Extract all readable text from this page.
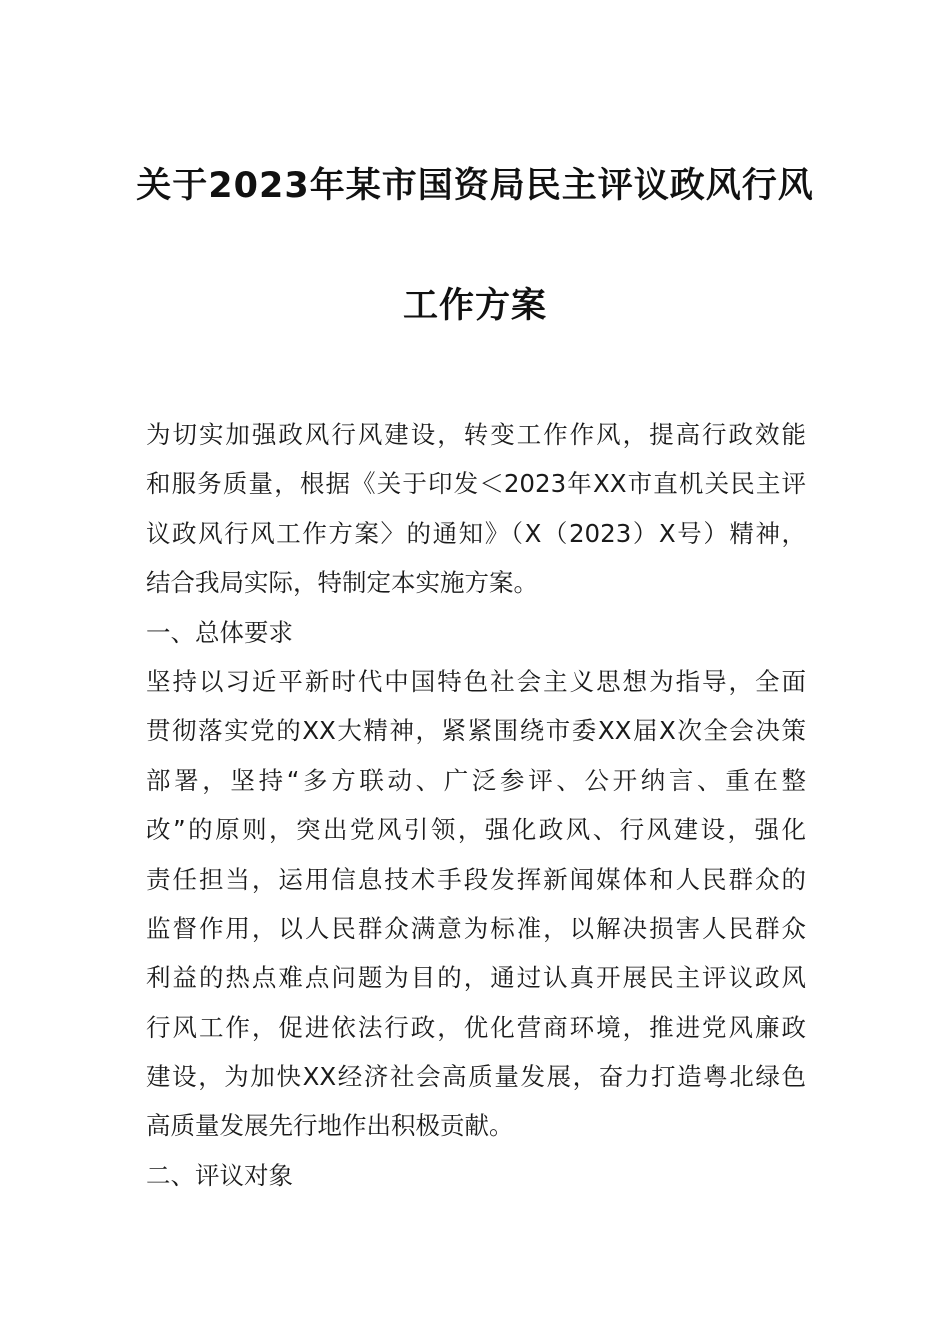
关于2023年某市国资局民主评议政风行风
工作方案
为切实加强政风行风建设，转变工作作风，提高行政效能
和服务质量，根据《关于印发＜2023年XX市直机关民主评
议政风行风工作方案〉的通知》（X（2023）X号）精神，
结合我局实际，特制定本实施方案。
一、总体要求
坚持以习近平新时代中国特色社会主义思想为指导，全面
贯彻落实党的XX大精神，紧紧围绕市委XX届X次全会决策
部署，坚持“多方联动、广泛参评、公开纳言、重在整
改”的原则，突出党风引领，强化政风、行风建设，强化
责任担当，运用信息技术手段发挥新闻媒体和人民群众的
监督作用，以人民群众满意为标准，以解决损害人民群众
利益的热点难点问题为目的，通过认真开展民主评议政风
行风工作，促进依法行政，优化营商环境，推进党风廉政
建设，为加快XX经济社会高质量发展，奋力打造粤北绿色
高质量发展先行地作出积极贡献。
二、评议对象
